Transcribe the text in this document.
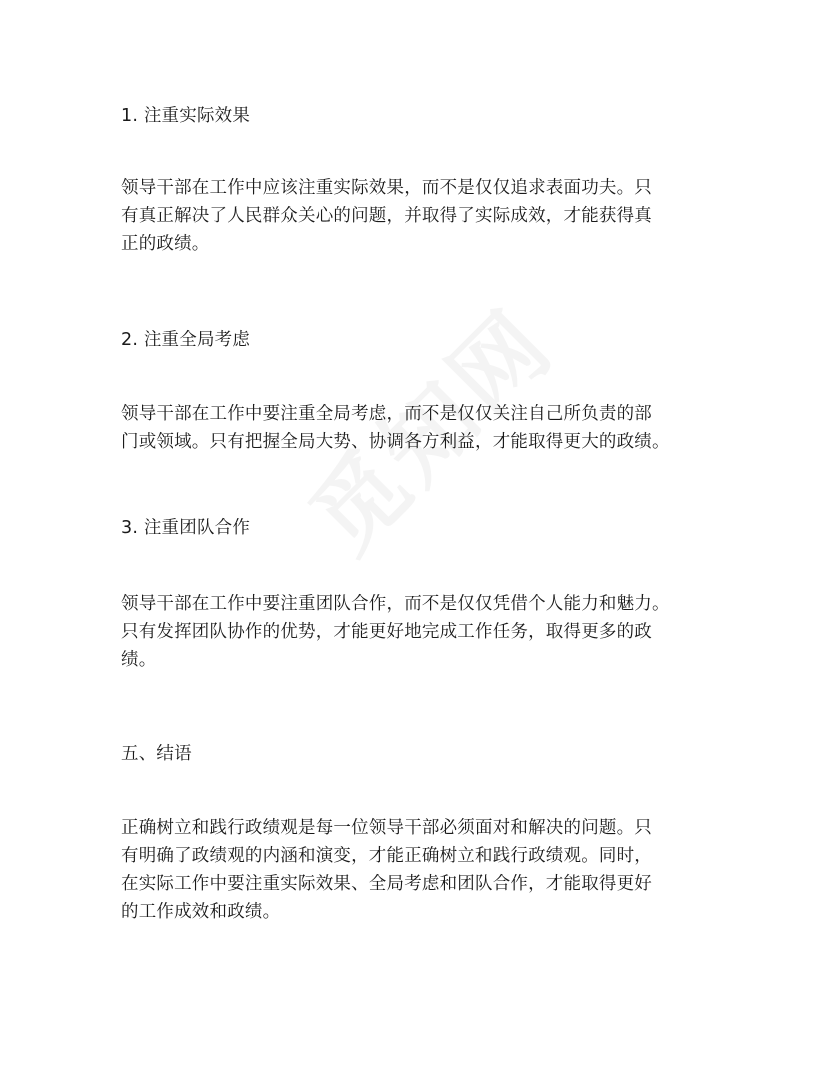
1. 注重实际效果
领导干部在工作中应该注重实际效果，而不是仅仅追求表面功夫。只
有真正解决了人民群众关心的问题，并取得了实际成效，才能获得真
正的政绩。
2. 注重全局考虑
领导干部在工作中要注重全局考虑，而不是仅仅关注自己所负责的部
门或领域。只有把握全局大势、协调各方利益，才能取得更大的政绩。
3. 注重团队合作
领导干部在工作中要注重团队合作，而不是仅仅凭借个人能力和魅力。
只有发挥团队协作的优势，才能更好地完成工作任务，取得更多的政
绩。
五、结语
正确树立和践行政绩观是每一位领导干部必须面对和解决的问题。只
有明确了政绩观的内涵和演变，才能正确树立和践行政绩观。同时，
在实际工作中要注重实际效果、全局考虑和团队合作，才能取得更好
的工作成效和政绩。
